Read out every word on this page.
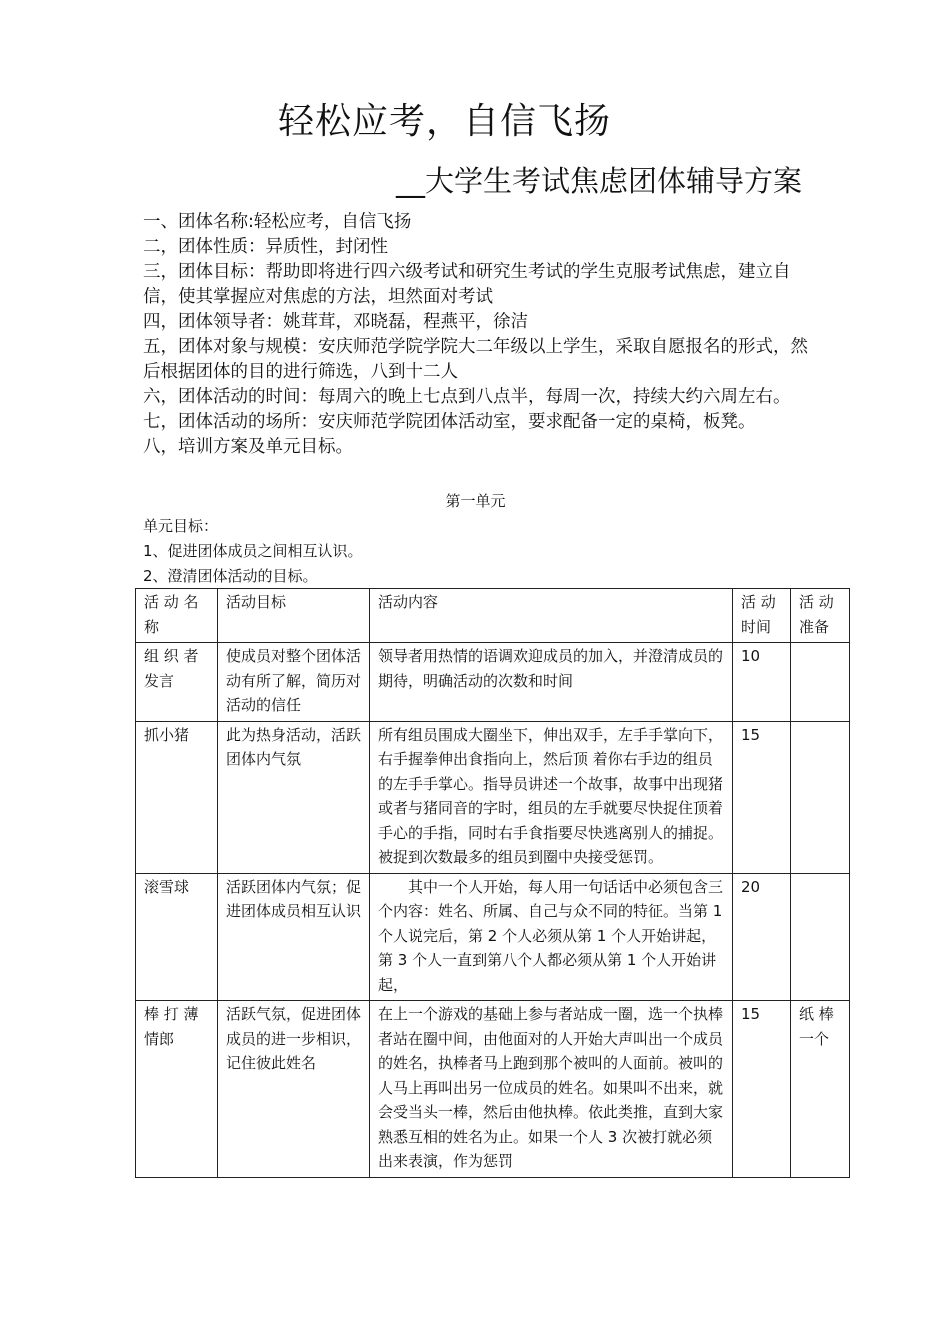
轻松应考，自信飞扬
__大学生考试焦虑团体辅导方案

一、团体名称:轻松应考，自信飞扬

二，团体性质：异质性，封闭性

三，团体目标：帮助即将进行四六级考试和研究生考试的学生克服考试焦虑，建立自信，使其掌握应对焦虑的方法，坦然面对考试

四，团体领导者：姚茸茸，邓晓磊，程燕平，徐洁

五，团体对象与规模：安庆师范学院学院大二年级以上学生，采取自愿报名的形式，然后根据团体的目的进行筛选，八到十二人

六，团体活动的时间：每周六的晚上七点到八点半，每周一次，持续大约六周左右。

七，团体活动的场所：安庆师范学院团体活动室，要求配备一定的桌椅，板凳。

八，培训方案及单元目标。

第一单元
单元目标：
1、促进团体成员之间相互认识。
2、澄清团体活动的目标。
活 动 名称	活动目标	活动内容	活 动时间	活 动准备
组 织 者发言	使成员对整个团体活动有所了解，简历对活动的信任	领导者用热情的语调欢迎成员的加入，并澄清成员的期待，明确活动的次数和时间	10	
抓小猪	此为热身活动，活跃团体内气氛	所有组员围成大圈坐下，伸出双手，左手手掌向下，右手握拳伸出食指向上，然后顶 着你右手边的组员的左手手掌心。指导员讲述一个故事，故事中出现猪或者与猪同音的字时，组员的左手就要尽快捉住顶着手心的手指，同时右手食指要尽快逃离别人的捕捉。被捉到次数最多的组员到圈中央接受惩罚。	15	
滚雪球	活跃团体内气氛；促进团体成员相互认识	其中一个人开始，每人用一句话话中必须包含三个内容：姓名、所属、自己与众不同的特征。当第 1 个人说完后，第 2 个人必须从第 1 个人开始讲起，第 3 个人一直到第八个人都必须从第 1 个人开始讲起，	20	
棒 打 薄情郎	活跃气氛，促进团体成员的进一步相识，记住彼此姓名	在上一个游戏的基础上参与者站成一圈，选一个执棒者站在圈中间，由他面对的人开始大声叫出一个成员的姓名，执棒者马上跑到那个被叫的人面前。被叫的人马上再叫出另一位成员的姓名。如果叫不出来，就会受当头一棒，然后由他执棒。依此类推，直到大家熟悉互相的姓名为止。如果一个人 3 次被打就必须出来表演，作为惩罚	15	纸 棒 一个
